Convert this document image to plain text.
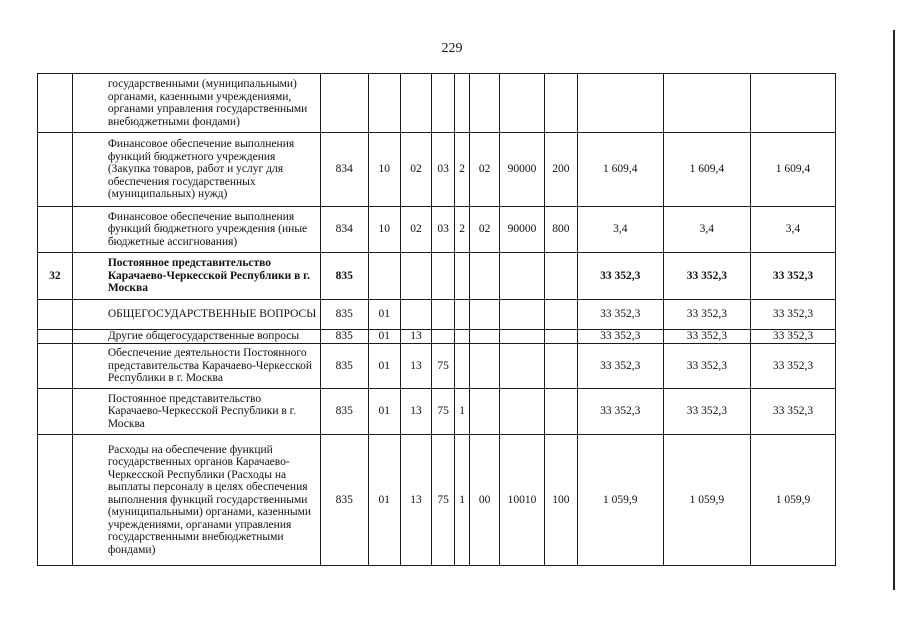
229
	государственными (муниципальными) органами, казенными учреждениями, органами управления государственными внебюджетными фондами)											
	Финансовое обеспечение выполнения функций бюджетного учреждения (Закупка товаров, работ и услуг для обеспечения государственных (муниципальных) нужд)	834	10	02	03	2	02	90000	200	1 609,4	1 609,4	1 609,4
	Финансовое обеспечение выполнения функций бюджетного учреждения (иные бюджетные ассигнования)	834	10	02	03	2	02	90000	800	3,4	3,4	3,4
32	Постоянное представительство Карачаево-Черкесской Республики в г. Москва	835								33 352,3	33 352,3	33 352,3
	ОБЩЕГОСУДАРСТВЕННЫЕ ВОПРОСЫ	835	01							33 352,3	33 352,3	33 352,3
	Другие общегосударственные вопросы	835	01	13						33 352,3	33 352,3	33 352,3
	Обеспечение деятельности Постоянного представительства Карачаево-Черкесской Республики в г. Москва	835	01	13	75					33 352,3	33 352,3	33 352,3
	Постоянное представительство Карачаево-Черкесской Республики в г. Москва	835	01	13	75	1				33 352,3	33 352,3	33 352,3
	Расходы на обеспечение функций государственных органов Карачаево-Черкесской Республики (Расходы на выплаты персоналу в целях обеспечения выполнения функций государственными (муниципальными) органами, казенными учреждениями, органами управления государственными внебюджетными фондами)	835	01	13	75	1	00	10010	100	1 059,9	1 059,9	1 059,9
